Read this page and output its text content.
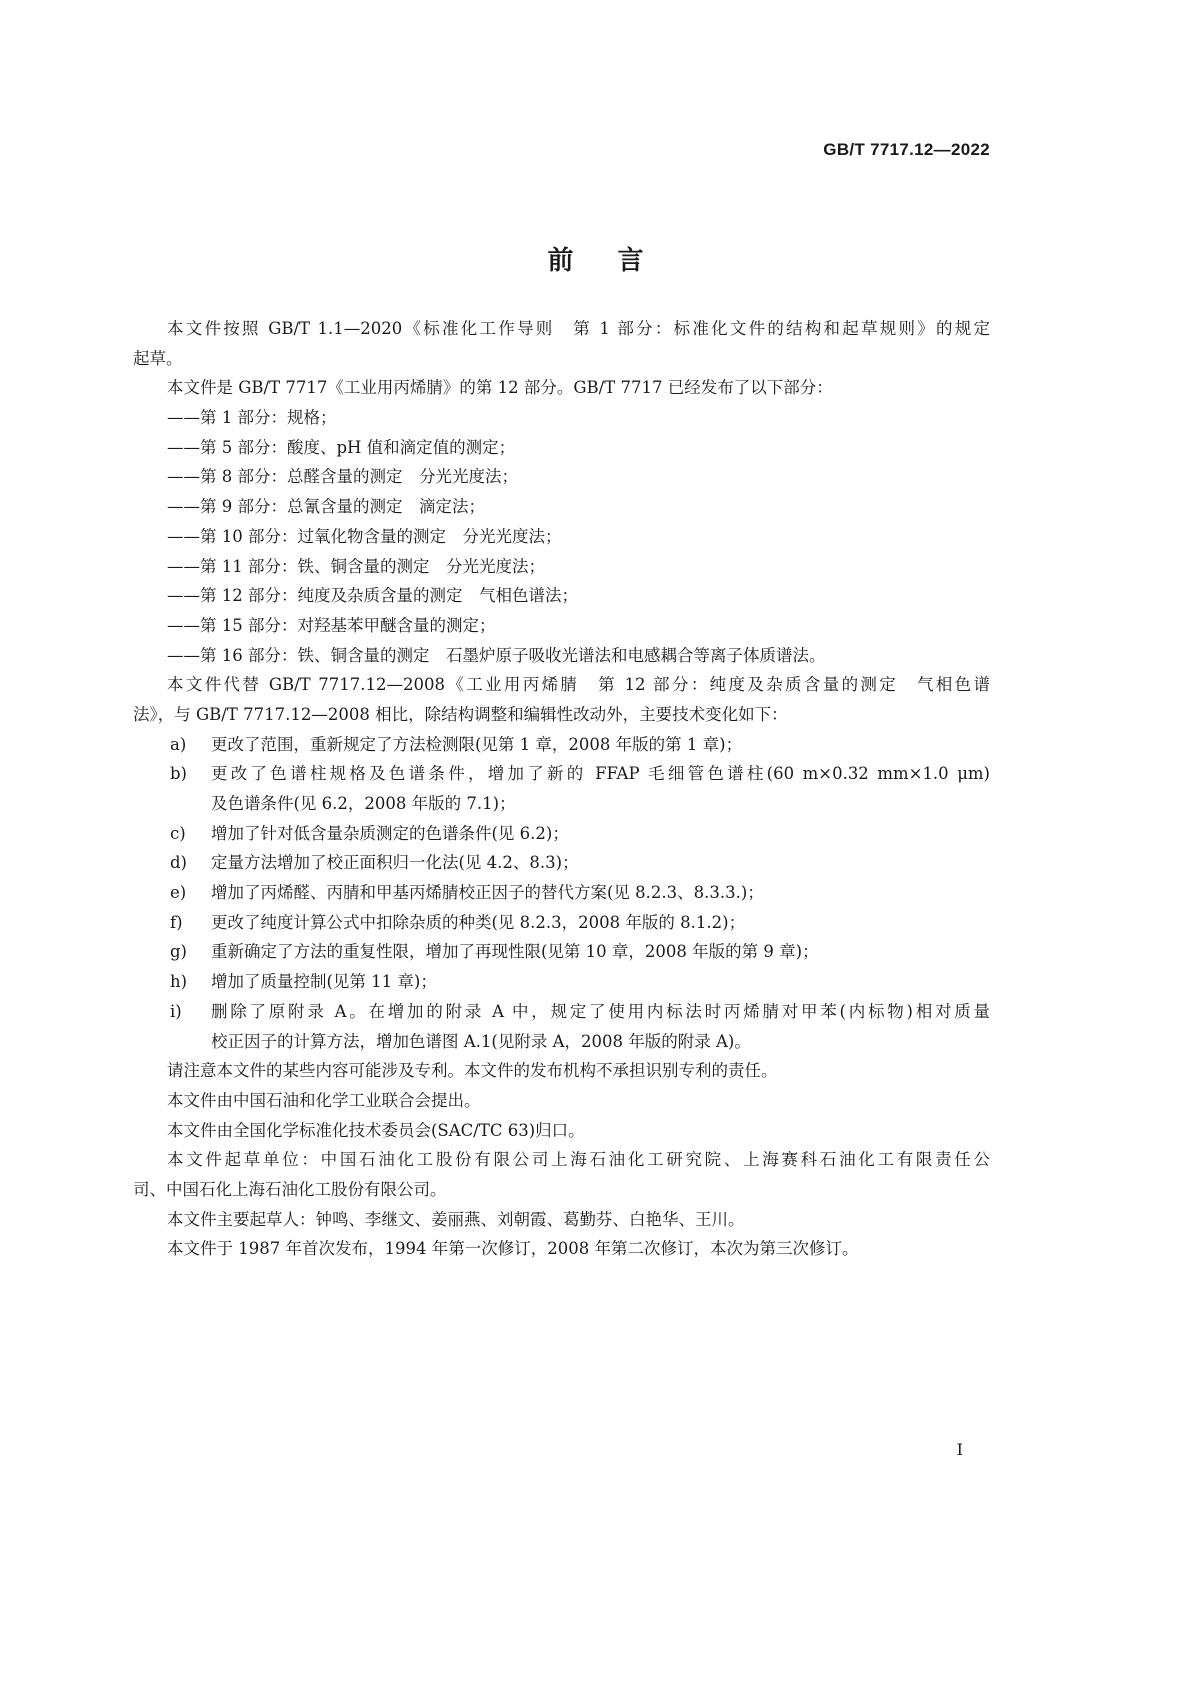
GB/T 7717.12—2022
前言
本文件按照 GB/T 1.1—2020《标准化工作导则　第 1 部分：标准化文件的结构和起草规则》的规定
起草。
本文件是 GB/T 7717《工业用丙烯腈》的第 12 部分。GB/T 7717 已经发布了以下部分：
——第 1 部分：规格；
——第 5 部分：酸度、pH 值和滴定值的测定；
——第 8 部分：总醛含量的测定　分光光度法；
——第 9 部分：总氰含量的测定　滴定法；
——第 10 部分：过氧化物含量的测定　分光光度法；
——第 11 部分：铁、铜含量的测定　分光光度法；
——第 12 部分：纯度及杂质含量的测定　气相色谱法；
——第 15 部分：对羟基苯甲醚含量的测定；
——第 16 部分：铁、铜含量的测定　石墨炉原子吸收光谱法和电感耦合等离子体质谱法。
本文件代替 GB/T 7717.12—2008《工业用丙烯腈　第 12 部分：纯度及杂质含量的测定　气相色谱
法》，与 GB/T 7717.12—2008 相比，除结构调整和编辑性改动外，主要技术变化如下：
a) 更改了范围，重新规定了方法检测限(见第 1 章，2008 年版的第 1 章)；
b) 更改了色谱柱规格及色谱条件，增加了新的 FFAP 毛细管色谱柱(60 m×0.32 mm×1.0 μm)
及色谱条件(见 6.2，2008 年版的 7.1)；
c) 增加了针对低含量杂质测定的色谱条件(见 6.2)；
d) 定量方法增加了校正面积归一化法(见 4.2、8.3)；
e) 增加了丙烯醛、丙腈和甲基丙烯腈校正因子的替代方案(见 8.2.3、8.3.3.)；
f) 更改了纯度计算公式中扣除杂质的种类(见 8.2.3，2008 年版的 8.1.2)；
g) 重新确定了方法的重复性限，增加了再现性限(见第 10 章，2008 年版的第 9 章)；
h) 增加了质量控制(见第 11 章)；
i) 删除了原附录 A。在增加的附录 A 中，规定了使用内标法时丙烯腈对甲苯(内标物)相对质量
校正因子的计算方法，增加色谱图 A.1(见附录 A，2008 年版的附录 A)。
请注意本文件的某些内容可能涉及专利。本文件的发布机构不承担识别专利的责任。
本文件由中国石油和化学工业联合会提出。
本文件由全国化学标准化技术委员会(SAC/TC 63)归口。
本文件起草单位：中国石油化工股份有限公司上海石油化工研究院、上海赛科石油化工有限责任公
司、中国石化上海石油化工股份有限公司。
本文件主要起草人：钟鸣、李继文、姜丽燕、刘朝霞、葛勤芬、白艳华、王川。
本文件于 1987 年首次发布，1994 年第一次修订，2008 年第二次修订，本次为第三次修订。
I
